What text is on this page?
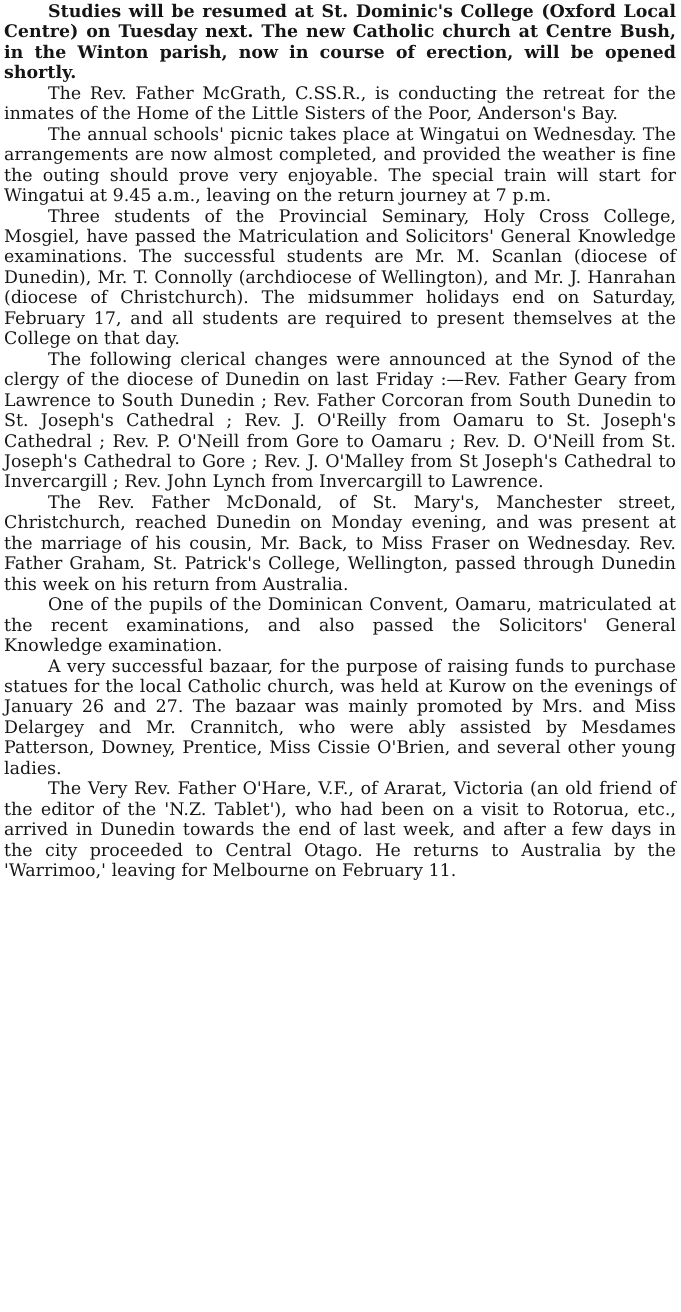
Studies will be resumed at St. Dominic's College (Oxford Local Centre) on Tuesday next. The new Catholic church at Centre Bush, in the Winton parish, now in course of erection, will be opened shortly.

The Rev. Father McGrath, C.SS.R., is conducting the retreat for the inmates of the Home of the Little Sisters of the Poor, Anderson's Bay.

The annual schools' picnic takes place at Wingatui on Wednesday. The arrangements are now almost completed, and provided the weather is fine the outing should prove very enjoyable. The special train will start for Wingatui at 9.45 a.m., leaving on the return journey at 7 p.m.

Three students of the Provincial Seminary, Holy Cross College, Mosgiel, have passed the Matriculation and Solicitors' General Knowledge examinations. The successful students are Mr. M. Scanlan (diocese of Dunedin), Mr. T. Connolly (archdiocese of Wellington), and Mr. J. Hanrahan (diocese of Christchurch). The midsummer holidays end on Saturday, February 17, and all students are required to present themselves at the College on that day.

The following clerical changes were announced at the Synod of the clergy of the diocese of Dunedin on last Friday :—Rev. Father Geary from Lawrence to South Dunedin ; Rev. Father Corcoran from South Dunedin to St. Joseph's Cathedral ; Rev. J. O'Reilly from Oamaru to St. Joseph's Cathedral ; Rev. P. O'Neill from Gore to Oamaru ; Rev. D. O'Neill from St. Joseph's Cathedral to Gore ; Rev. J. O'Malley from St Joseph's Cathedral to Invercargill ; Rev. John Lynch from Invercargill to Lawrence.

The Rev. Father McDonald, of St. Mary's, Manchester street, Christchurch, reached Dunedin on Monday evening, and was present at the marriage of his cousin, Mr. Back, to Miss Fraser on Wednesday. Rev. Father Graham, St. Patrick's College, Wellington, passed through Dunedin this week on his return from Australia.

One of the pupils of the Dominican Convent, Oamaru, matriculated at the recent examinations, and also passed the Solicitors' General Knowledge examination.

A very successful bazaar, for the purpose of raising funds to purchase statues for the local Catholic church, was held at Kurow on the evenings of January 26 and 27. The bazaar was mainly promoted by Mrs. and Miss Delargey and Mr. Crannitch, who were ably assisted by Mesdames Patterson, Downey, Prentice, Miss Cissie O'Brien, and several other young ladies.

The Very Rev. Father O'Hare, V.F., of Ararat, Victoria (an old friend of the editor of the 'N.Z. Tablet'), who had been on a visit to Rotorua, etc., arrived in Dunedin towards the end of last week, and after a few days in the city proceeded to Central Otago. He returns to Australia by the 'Warrimoo,' leaving for Melbourne on February 11.
